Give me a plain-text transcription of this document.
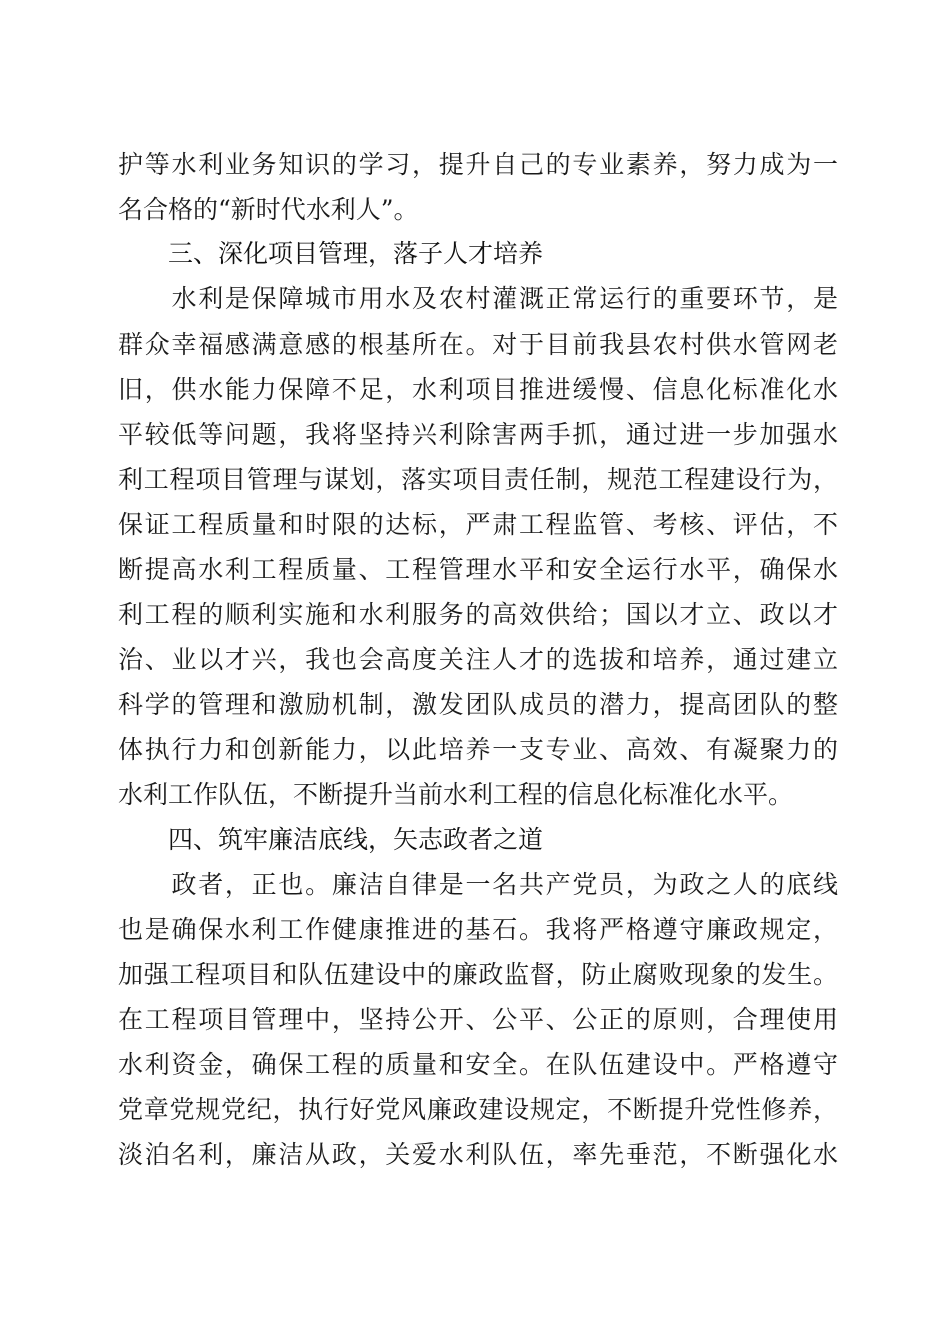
护等水利业务知识的学习，提升自己的专业素养，努力成为一
名合格的“新时代水利人”。
三、深化项目管理，落子人才培养
　　水利是保障城市用水及农村灌溉正常运行的重要环节，是
群众幸福感满意感的根基所在。对于目前我县农村供水管网老
旧，供水能力保障不足，水利项目推进缓慢、信息化标准化水
平较低等问题，我将坚持兴利除害两手抓，通过进一步加强水
利工程项目管理与谋划，落实项目责任制，规范工程建设行为，
保证工程质量和时限的达标，严肃工程监管、考核、评估，不
断提高水利工程质量、工程管理水平和安全运行水平，确保水
利工程的顺利实施和水利服务的高效供给；国以才立、政以才
治、业以才兴，我也会高度关注人才的选拔和培养，通过建立
科学的管理和激励机制，激发团队成员的潜力，提高团队的整
体执行力和创新能力，以此培养一支专业、高效、有凝聚力的
水利工作队伍，不断提升当前水利工程的信息化标准化水平。
四、筑牢廉洁底线，矢志政者之道
　　政者，正也。廉洁自律是一名共产党员，为政之人的底线
也是确保水利工作健康推进的基石。我将严格遵守廉政规定，
加强工程项目和队伍建设中的廉政监督，防止腐败现象的发生。
在工程项目管理中，坚持公开、公平、公正的原则，合理使用
水利资金，确保工程的质量和安全。在队伍建设中。严格遵守
党章党规党纪，执行好党风廉政建设规定，不断提升党性修养，
淡泊名利，廉洁从政，关爱水利队伍，率先垂范，不断强化水
